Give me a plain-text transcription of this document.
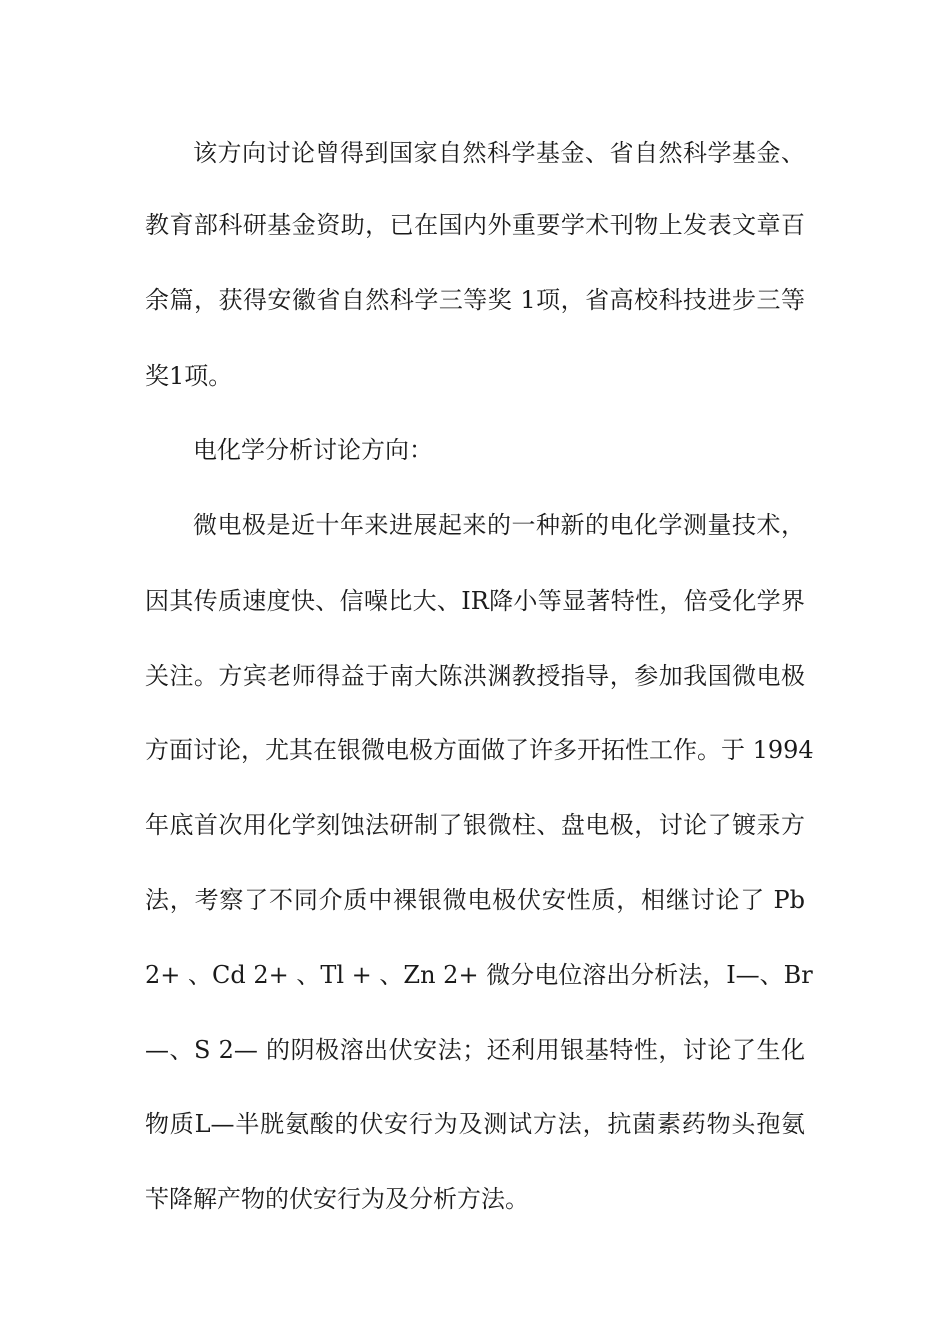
该方向讨论曾得到国家自然科学基金、省自然科学基金、
教育部科研基金资助，已在国内外重要学术刊物上发表文章百
余篇，获得安徽省自然科学三等奖 1项，省高校科技进步三等
奖1项。
电化学分析讨论方向：
微电极是近十年来进展起来的一种新的电化学测量技术，
因其传质速度快、信噪比大、IR降小等显著特性，倍受化学界
关注。方宾老师得益于南大陈洪渊教授指导，参加我国微电极
方面讨论，尤其在银微电极方面做了许多开拓性工作。于 1994
年底首次用化学刻蚀法研制了银微柱、盘电极，讨论了镀汞方
法，考察了不同介质中裸银微电极伏安性质，相继讨论了 Pb
2+ 、Cd 2+ 、Tl + 、Zn 2+ 微分电位溶出分析法，I—、Br
—、S 2— 的阴极溶出伏安法；还利用银基特性，讨论了生化
物质L—半胱氨酸的伏安行为及测试方法，抗菌素药物头孢氨
苄降解产物的伏安行为及分析方法。
